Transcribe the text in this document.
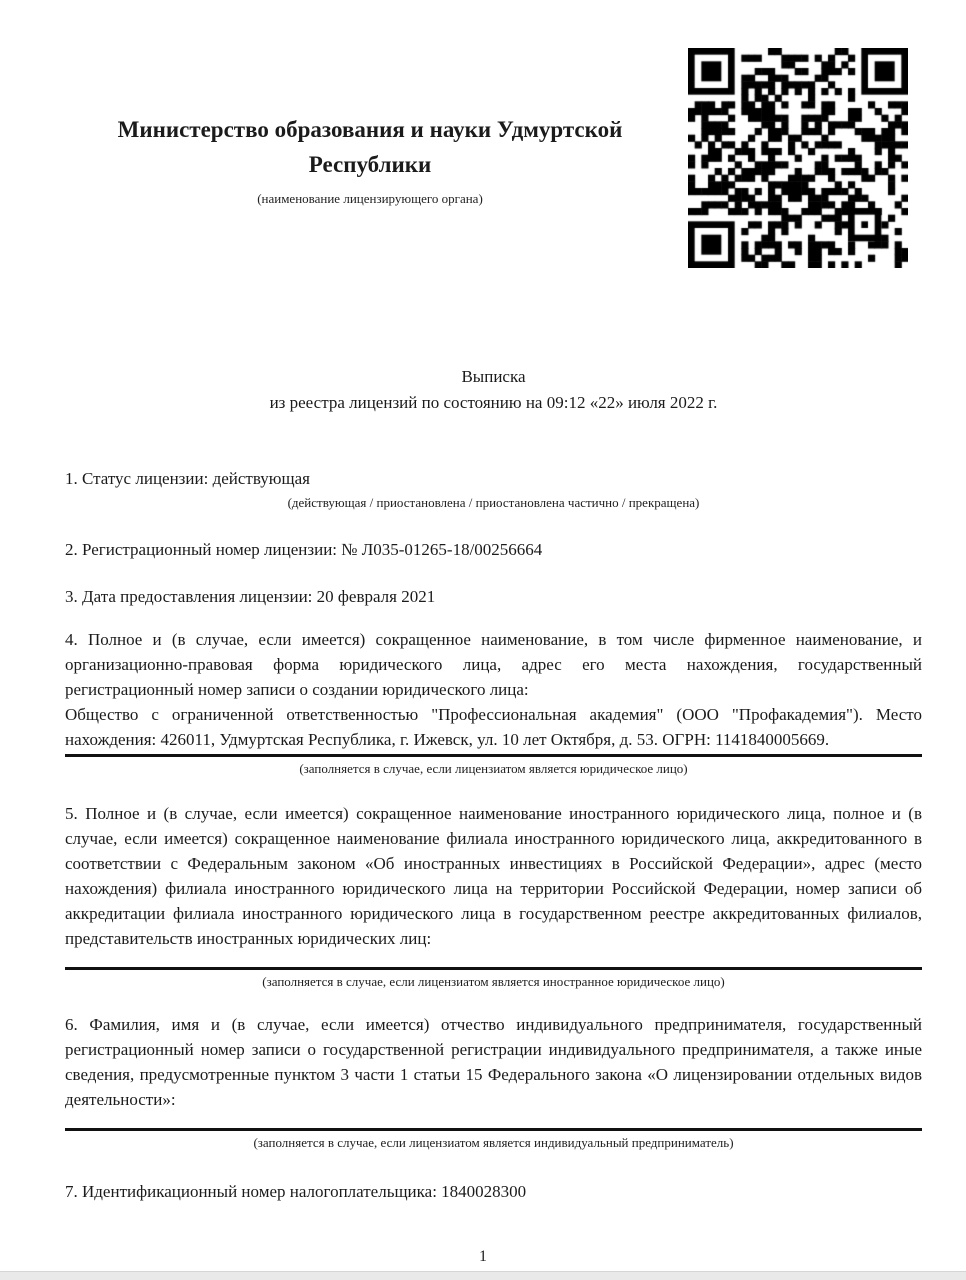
Министерство образования и науки Удмуртской Республики
(наименование лицензирующего органа)
Выписка
из реестра лицензий по состоянию на 09:12 «22» июля 2022 г.
1. Статус лицензии: действующая
(действующая / приостановлена / приостановлена частично / прекращена)
2. Регистрационный номер лицензии: № Л035-01265-18/00256664
3. Дата предоставления лицензии: 20 февраля 2021
4. Полное и (в случае, если имеется) сокращенное наименование, в том числе фирменное наименование, и организационно-правовая форма юридического лица, адрес его места нахождения, государственный регистрационный номер записи о создании юридического лица:
Общество с ограниченной ответственностью "Профессиональная академия" (ООО "Профакадемия"). Место нахождения: 426011, Удмуртская Республика, г. Ижевск, ул. 10 лет Октября, д. 53. ОГРН: 1141840005669.
(заполняется в случае, если лицензиатом является юридическое лицо)
5. Полное и (в случае, если имеется) сокращенное наименование иностранного юридического лица, полное и (в случае, если имеется) сокращенное наименование филиала иностранного юридического лица, аккредитованного в соответствии с Федеральным законом «Об иностранных инвестициях в Российской Федерации», адрес (место нахождения) филиала иностранного юридического лица на территории Российской Федерации, номер записи об аккредитации филиала иностранного юридического лица в государственном реестре аккредитованных филиалов, представительств иностранных юридических лиц:
(заполняется в случае, если лицензиатом является иностранное юридическое лицо)
6. Фамилия, имя и (в случае, если имеется) отчество индивидуального предпринимателя, государственный регистрационный номер записи о государственной регистрации индивидуального предпринимателя, а также иные сведения, предусмотренные пунктом 3 части 1 статьи 15 Федерального закона «О лицензировании отдельных видов деятельности»:
(заполняется в случае, если лицензиатом является индивидуальный предприниматель)
7. Идентификационный номер налогоплательщика: 1840028300
1
